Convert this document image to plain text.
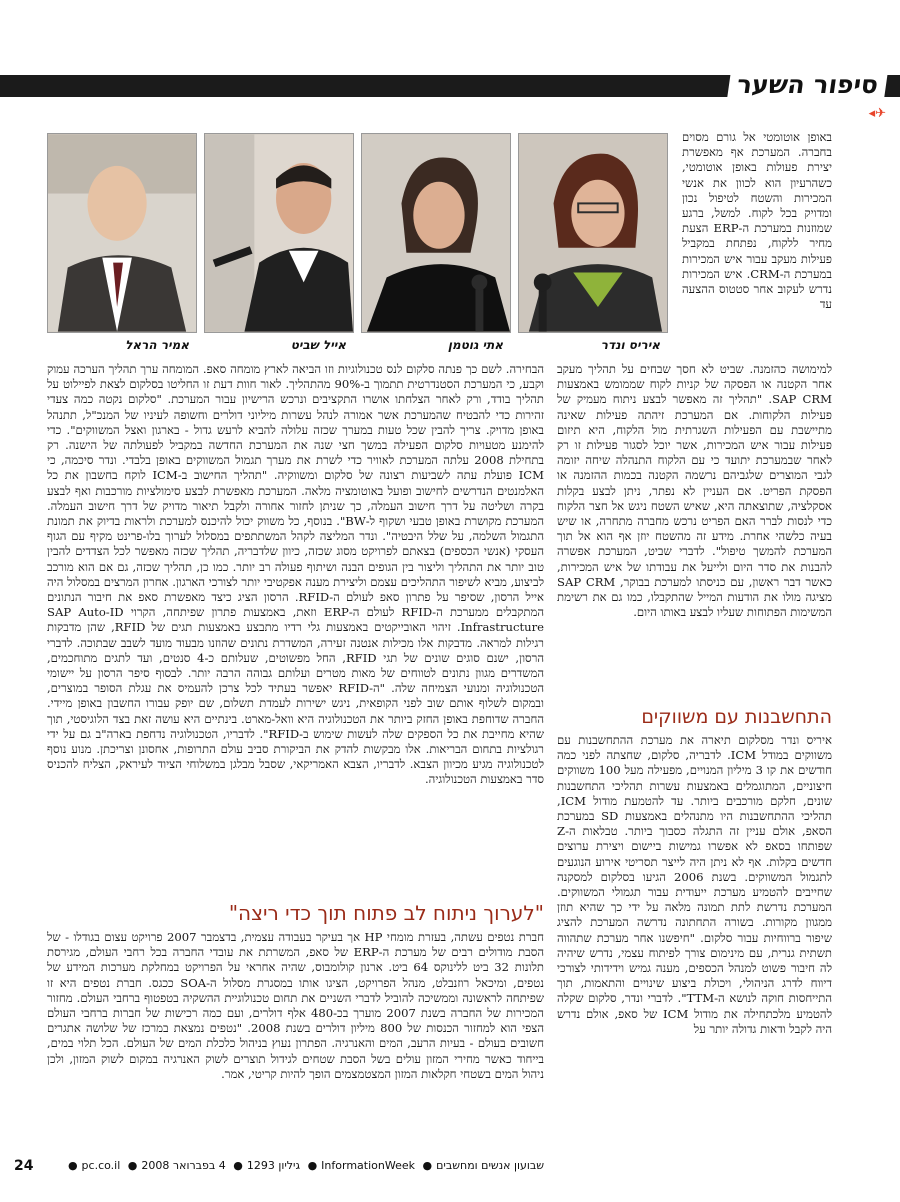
סיפור השער
◂✈
אמיר הראל	אייל שביט	אתי גוטמן	איריס ונדר

באופן אוטומטי אל גורם מסוים בחברה. המערכת אף מאפשרת יצירת פעולות באופן אוטומטי, כשהרעיון הוא לכוון את אנשי המכירות והשטח לטיפול נכון ומדויק בכל לקוח. למשל, ברגע שמוזנות במערכת ה-ERP הצעת מחיר ללקוח, נפתחת במקביל פעילות מעקב עבור איש המכירות במערכת ה-CRM. איש המכירות נדרש לעקוב אחר סטטוס ההצעה עד

למימושה כהזמנה. שביט לא חסך שבחים על תהליך מעקב אחר הקטנה או הפסקה של קניות לקוח שממומש באמצעות SAP CRM. "תהליך זה מאפשר לבצע ניתוח מעמיק של פעילות הלקוחות. אם המערכת זיהתה פעילות שאינה מתיישבת עם הפעילות השגרתית מול הלקוח, היא תיזום פעילות עבור איש המכירות, אשר יוכל לסגור פעילות זו רק לאחר שבמערכת יתועד כי עם הלקוח התנהלה שיחה יזומה לגבי המוצרים שלגביהם נרשמה הקטנה בכמות ההזמנה או הפסקת הפריט. אם העניין לא נפתר, ניתן לבצע בקלות אסקלציה, שתוצאתה היא, שאיש השטח ניגש אל חצר הלקוח כדי לנסות לברר האם הפריט נרכש מחברה מתחרה, או שיש בעיה כלשהי אחרת. מידע זה מהשטח יוזן אף הוא אל תוך המערכת להמשך טיפול". לדברי שביט, המערכת אפשרה להבנות את סדר היום ולייעל את עבודתו של איש המכירות, כאשר דבר ראשון, עם כניסתו למערכת בבוקר, SAP CRM מציגה מולו את הודעות המייל שהתקבלו, כמו גם את רשימת המשימות הפתוחות שעליו לבצע באותו היום.

התחשבנות עם משווקים

איריס ונדר מסלקום תיארה את מערכת ההתחשבנות עם משווקים במודל ICM. לדבריה, סלקום, שחצתה לפני כמה חודשים את קו 3 מיליון המנויים, מפעילה מעל 100 משווקים חיצוניים, המתוגמלים באמצעות עשרות תהליכי התחשבנות שונים, חלקם מורכבים ביותר. עד להטמעת מודול ICM, תהליכי ההתחשבנות היו מתנהלים באמצעות SD במערכת הסאפ, אולם עניין זה התגלה כסבוך ביותר. טבלאות ה-Z שפותחו בסאפ לא אפשרו גמישות ביישום ויצירת ערוצים חדשים בקלות. אף לא ניתן היה לייצר תסריטי אירוע הנוגעים לתגמול המשווקים. בשנת 2006 הגיעו בסלקום למסקנה שחייבים להטמיע מערכת ייעודית עבור תגמולי המשווקים. המערכת נדרשת לתת תמונה מלאה על ידי כך שהיא תוזן ממגוון מקורות. בשורה התחתונה נדרשה המערכת להציג שיפור ברווחיות עבור סלקום. "חיפשנו אחר מערכת שתהווה תשתית גנרית, עם מינימום צורך לפיתוח עצמי, נדרש שיהיה לה חיבור פשוט למנהל הכספים, מענה גמיש וידידותי לצורכי דיווח לדרג הניהולי, ויכולת ביצוע שינויים והתאמות, תוך התייחסות חוקה לנושא ה-TTM". לדברי ונדר, סלקום שקלה להטמיע מלכתחילה את מודול ICM של סאפ, אולם נדרש היה לקבל ודאות גדולה יותר על

הבחירה. לשם כך פנתה סלקום לנס טכנולוגיות וזו הביאה לארץ מומחה סאפ. המומחה ערך תהליך הערכה עמוק וקבע, כי המערכת הסטנדרטית תתמוך ב-90% מהתהליך. לאור חוות דעת זו החליטו בסלקום לצאת לפיילוט על תהליך בודד, ורק לאחר הצלחתו אושרו התקציבים ונרכש הרישיון עבור המערכת. "סלקום נקטה כמה צעדי זהירות כדי להבטיח שהמערכת אשר אמורה לנהל עשרות מיליוני דולרים וחשופה לעיניו של המנכ"ל, תתנהל באופן מדויק. צריך להבין שכל טעות במערך שכזה עלולה להביא לרעש גדול - בארגון ואצל המשווקים". כדי להימנע מטעויות סלקום הפעילה במשך חצי שנה את המערכת החדשה במקביל לפעולתה של הישנה. רק בתחילת 2008 עלתה המערכת לאוויר כדי לשרת את מערך תגמול המשווקים באופן בלבדי. ונדר סיכמה, כי ICM פועלת עתה לשביעות רצונה של סלקום ומשווקיה. "תהליך החישוב ב-ICM לוקח בחשבון את כל האלמנטים הנדרשים לחישוב ופועל באוטומציה מלאה. המערכת מאפשרת לבצע סימולציות מורכבות ואף לבצע בקרה ושליטה על דרך חישוב העמלה, כך שניתן לחזור אחורה ולקבל תיאור מדויק של דרך חישוב העמלה. המערכת מקושרת באופן טבעי ושקוף ל-BW". בנוסף, כל משווק יכול להיכנס למערכת ולראות בדיוק את תמונת התגמול השלמה, על שלל היבטיה". ונדר המליצה לקהל המשתתפים במסלול לערוך בלו-פרינט מקיף עם הגוף העסקי (אנשי הכספים) בצאתם לפרויקט מסוג שכזה, כיוון שלדבריה, תהליך שכזה מאפשר לכל הצדדים להבין טוב יותר את התהליך וליצור בין הגופים הבנה ושיתוף פעולה רב יותר. כמו כן, תהליך שכזה, גם אם הוא מורכב לביצוע, מביא לשיפור התהליכים עצמם וליצירת מענה אפקטיבי יותר לצורכי הארגון. אחרון המרצים במסלול היה אייל הרסון, שסיפר על פתרון סאפ לעולם ה-RFID. הרסון הציג כיצד מאפשרת סאפ את חיבור הנתונים המתקבלים ממערכת ה-RFID לעולם ה-ERP וזאת, באמצעות פתרון שפיתחה, הקרוי SAP Auto-ID Infrastructure. זיהוי האובייקטים באמצעות גלי רדיו מתבצע באמצעות תגים של RFID, שהן מדבקות רגילות למראה. מדבקות אלו מכילות אנטנה זעירה, המשדרת נתונים שהוזנו מבעוד מועד לשבב שבתוכה. לדברי הרסון, ישנם סוגים שונים של תגי RFID, החל מפשוטים, שעלותם כ-4 סנטים, ועד לתגים מתוחכמים, המשדרים מגוון נתונים לטווחים של מאות מטרים ועלותם גבוהה הרבה יותר. לבסוף סיפר הרסון על יישומי הטכנולוגיה ומנועי הצמיחה שלה. "ה-RFID יאפשר בעתיד לכל צרכן להעמיס את עגלת הסופר במוצרים, ובמקום לשלוף אותם שוב לפני הקופאית, ניגש ישירות לעמדת תשלום, שם יופק עבורו החשבון באופן מיידי. החברה שדוחפת באופן החזק ביותר את הטכנולוגיה היא וואל-מארט. בינתיים היא עושה זאת בצד הלוגיסטי, תוך שהיא מחייבת את כל הספקים שלה לעשות שימוש ב-RFID". לדבריו, הטכנולוגיה נדחפת בארה"ב גם על ידי רגולציות בתחום הבריאות. אלו מבקשות להדק את הביקורת סביב עולם התרופות, אחסונן וצריכתן. מנוע נוסף לטכנולוגיה מגיע מכיוון הצבא. לדבריו, הצבא האמריקאי, שסבל מבלגן במשלוחי הציוד לעיראק, הצליח להכניס סדר באמצעות הטכנולוגיה.

"לערוך ניתוח לב פתוח תוך כדי ריצה"

חברת נטפים עשתה, בעזרת מומחי HP אך בעיקר בעבודה עצמית, בדצמבר 2007 פרויקט עצום בגודלו - של הסבת מודולים רבים של מערכת ה-ERP של סאפ, המשרתת את עובדי החברה בכל רחבי העולם, מגירסת תלונות 32 ביט ללינוקס 64 ביט. ארנון קולומבוס, שהיה אחראי על הפרויקט במחלקת מערכות המידע של נטפים, ומיכאל רוזנבלט, מנהל הפרויקט, הציגו אותו במסגרת מסלול ה-SOA ככגס. חברת נטפים היא זו שפיתחה לראשונה וממשיכה להוביל לדברי השניים את תחום טכנולוגיית ההשקיה בטפטוף ברחבי העולם. מחזור המכירות של החברה בשנת 2007 מוערך בכ-480 אלף דולרים, ועם כמה רכישות של חברות ברחבי העולם הצפי הוא למחזור הכנסות של 800 מיליון דולרים בשנת 2008. "נטפים נמצאת במרכז של שלושה אתגרים חשובים בעולם - בעיות הרעב, המים והאנרגיה. הפתרון נעוץ בניהול כלכלת המים של העולם. הכל תלוי במים, בייחוד כאשר מחירי המזון עולים בשל הסבת שטחים לגידול תוצרים לשוק האנרגיה במקום לשוק המזון, ולכן ניהול המים בשטחי חקלאות המזון המצטמצמים הופך להיות קריטי, אמר.

24	שבועון אנשים ומחשבים● InformationWeek● גיליון 1293● 4 בפברואר 2008● pc.co.il●
